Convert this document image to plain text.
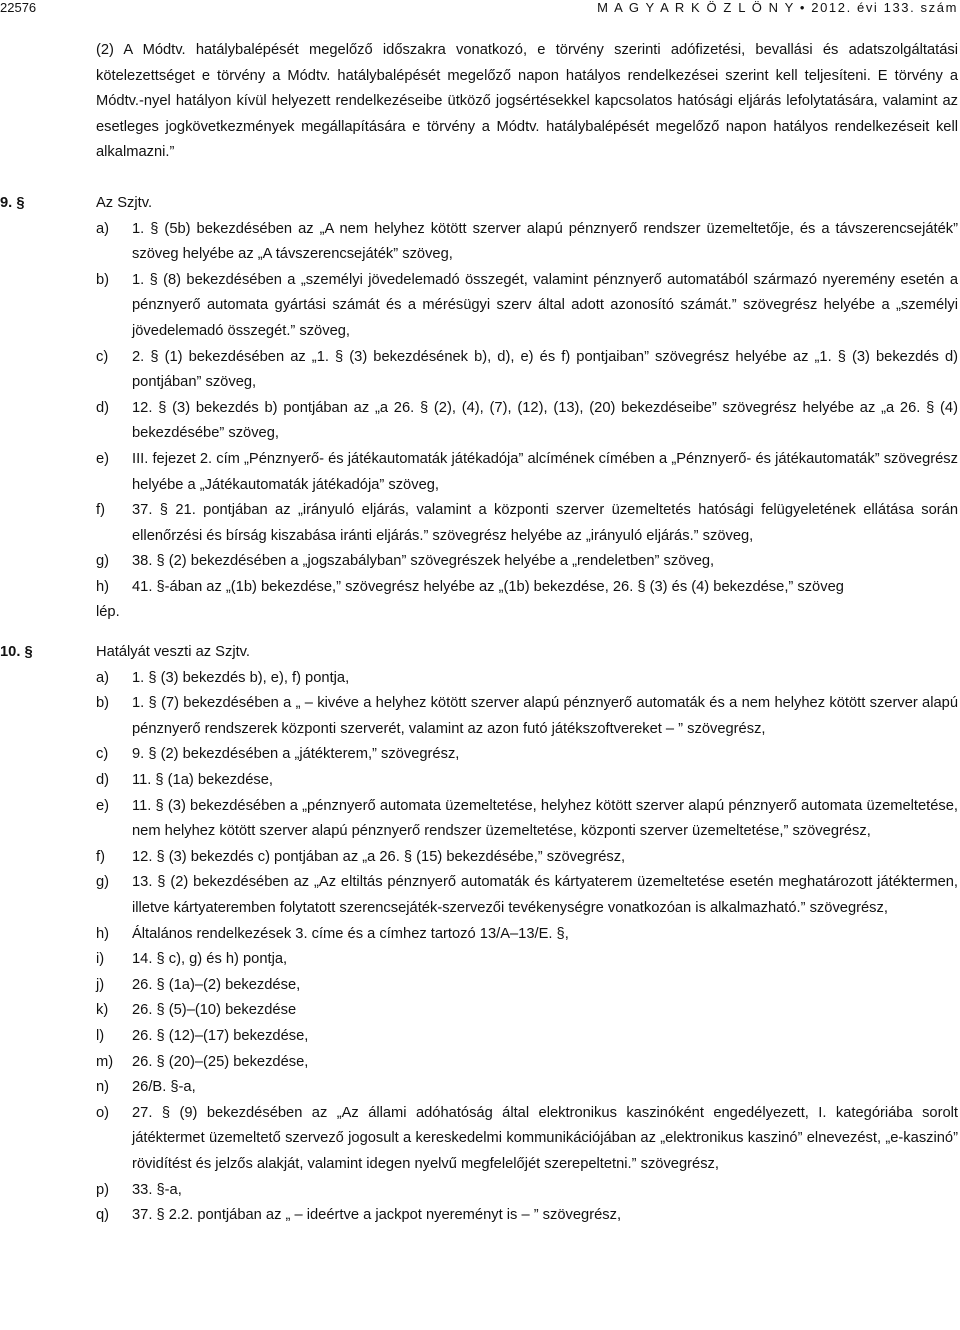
22576	M A G Y A R K Ö Z L Ö N Y • 2012. évi 133. szám

(2) A Módtv. hatálybalépését megelőző időszakra vonatkozó, e törvény szerinti adófizetési, bevallási és adatszolgáltatási kötelezettséget e törvény a Módtv. hatálybalépését megelőző napon hatályos rendelkezései szerint kell teljesíteni. E törvény a Módtv.-nyel hatályon kívül helyezett rendelkezéseibe ütköző jogsértésekkel kapcsolatos hatósági eljárás lefolytatására, valamint az esetleges jogkövetkezmények megállapítására e törvény a Módtv. hatálybalépését megelőző napon hatályos rendelkezéseit kell alkalmazni.”

9. §	Az Szjtv.
a) 1. § (5b) bekezdésében az „A nem helyhez kötött szerver alapú pénznyerő rendszer üzemeltetője, és a távszerencsejáték” szöveg helyébe az „A távszerencsejáték” szöveg,
b) 1. § (8) bekezdésében a „személyi jövedelemadó összegét, valamint pénznyerő automatából származó nyeremény esetén a pénznyerő automata gyártási számát és a mérésügyi szerv által adott azonosító számát.” szövegrész helyébe a „személyi jövedelemadó összegét.” szöveg,
c) 2. § (1) bekezdésében az „1. § (3) bekezdésének b), d), e) és f) pontjaiban” szövegrész helyébe az „1. § (3) bekezdés d) pontjában” szöveg,
d) 12. § (3) bekezdés b) pontjában az „a 26. § (2), (4), (7), (12), (13), (20) bekezdéseibe” szövegrész helyébe az „a 26. § (4) bekezdésébe” szöveg,
e) III. fejezet 2. cím „Pénznyerő- és játékautomaták játékadója” alcímének címében a „Pénznyerő- és játékautomaták” szövegrész helyébe a „Játékautomaták játékadója” szöveg,
f) 37. § 21. pontjában az „irányuló eljárás, valamint a központi szerver üzemeltetés hatósági felügyeletének ellátása során ellenőrzési és bírság kiszabása iránti eljárás.” szövegrész helyébe az „irányuló eljárás.” szöveg,
g) 38. § (2) bekezdésében a „jogszabályban” szövegrészek helyébe a „rendeletben” szöveg,
h) 41. §-ában az „(1b) bekezdése,” szövegrész helyébe az „(1b) bekezdése, 26. § (3) és (4) bekezdése,” szöveg

lép.

10. §	Hatályát veszti az Szjtv.
a) 1. § (3) bekezdés b), e), f) pontja,
b) 1. § (7) bekezdésében a „ – kivéve a helyhez kötött szerver alapú pénznyerő automaták és a nem helyhez kötött szerver alapú pénznyerő rendszerek központi szerverét, valamint az azon futó játékszoftvereket – ” szövegrész,
c) 9. § (2) bekezdésében a „játékterem,” szövegrész,
d) 11. § (1a) bekezdése,
e) 11. § (3) bekezdésében a „pénznyerő automata üzemeltetése, helyhez kötött szerver alapú pénznyerő automata üzemeltetése, nem helyhez kötött szerver alapú pénznyerő rendszer üzemeltetése, központi szerver üzemeltetése,” szövegrész,
f) 12. § (3) bekezdés c) pontjában az „a 26. § (15) bekezdésébe,” szövegrész,
g) 13. § (2) bekezdésében az „Az eltiltás pénznyerő automaták és kártyaterem üzemeltetése esetén meghatározott játéktermen, illetve kártyateremben folytatott szerencsejáték-szervezői tevékenységre vonatkozóan is alkalmazható.” szövegrész,
h) Általános rendelkezések 3. címe és a címhez tartozó 13/A–13/E. §,
i) 14. § c), g) és h) pontja,
j) 26. § (1a)–(2) bekezdése,
k) 26. § (5)–(10) bekezdése
l) 26. § (12)–(17) bekezdése,
m) 26. § (20)–(25) bekezdése,
n) 26/B. §-a,
o) 27. § (9) bekezdésében az „Az állami adóhatóság által elektronikus kaszinóként engedélyezett, I. kategóriába sorolt játéktermet üzemeltető szervező jogosult a kereskedelmi kommunikációjában az „elektronikus kaszinó” elnevezést, „e-kaszinó” rövidítést és jelzős alakját, valamint idegen nyelvű megfelelőjét szerepeltetni.” szövegrész,
p) 33. §-a,
q) 37. § 2.2. pontjában az „ – ideértve a jackpot nyereményt is – ” szövegrész,
